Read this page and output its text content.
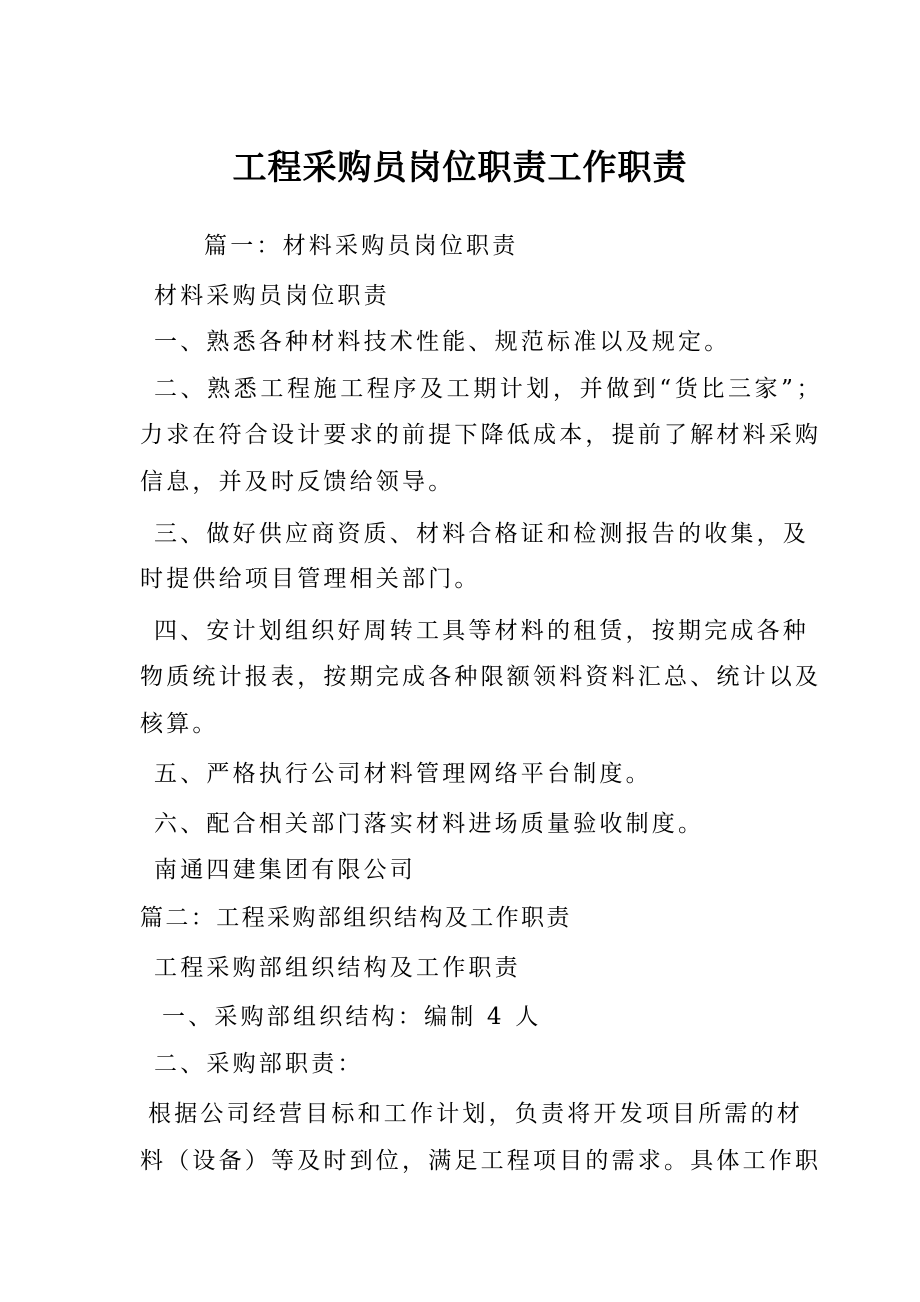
工程采购员岗位职责工作职责
篇一：材料采购员岗位职责
材料采购员岗位职责
一、熟悉各种材料技术性能、规范标准以及规定。
二、熟悉工程施工程序及工期计划，并做到“货比三家”；
力求在符合设计要求的前提下降低成本，提前了解材料采购
信息，并及时反馈给领导。
三、做好供应商资质、材料合格证和检测报告的收集，及
时提供给项目管理相关部门。
四、安计划组织好周转工具等材料的租赁，按期完成各种
物质统计报表，按期完成各种限额领料资料汇总、统计以及
核算。
五、严格执行公司材料管理网络平台制度。
六、配合相关部门落实材料进场质量验收制度。
南通四建集团有限公司
篇二：工程采购部组织结构及工作职责
工程采购部组织结构及工作职责
一、采购部组织结构：编制 4 人
二、采购部职责：
根据公司经营目标和工作计划，负责将开发项目所需的材
料（设备）等及时到位，满足工程项目的需求。具体工作职
